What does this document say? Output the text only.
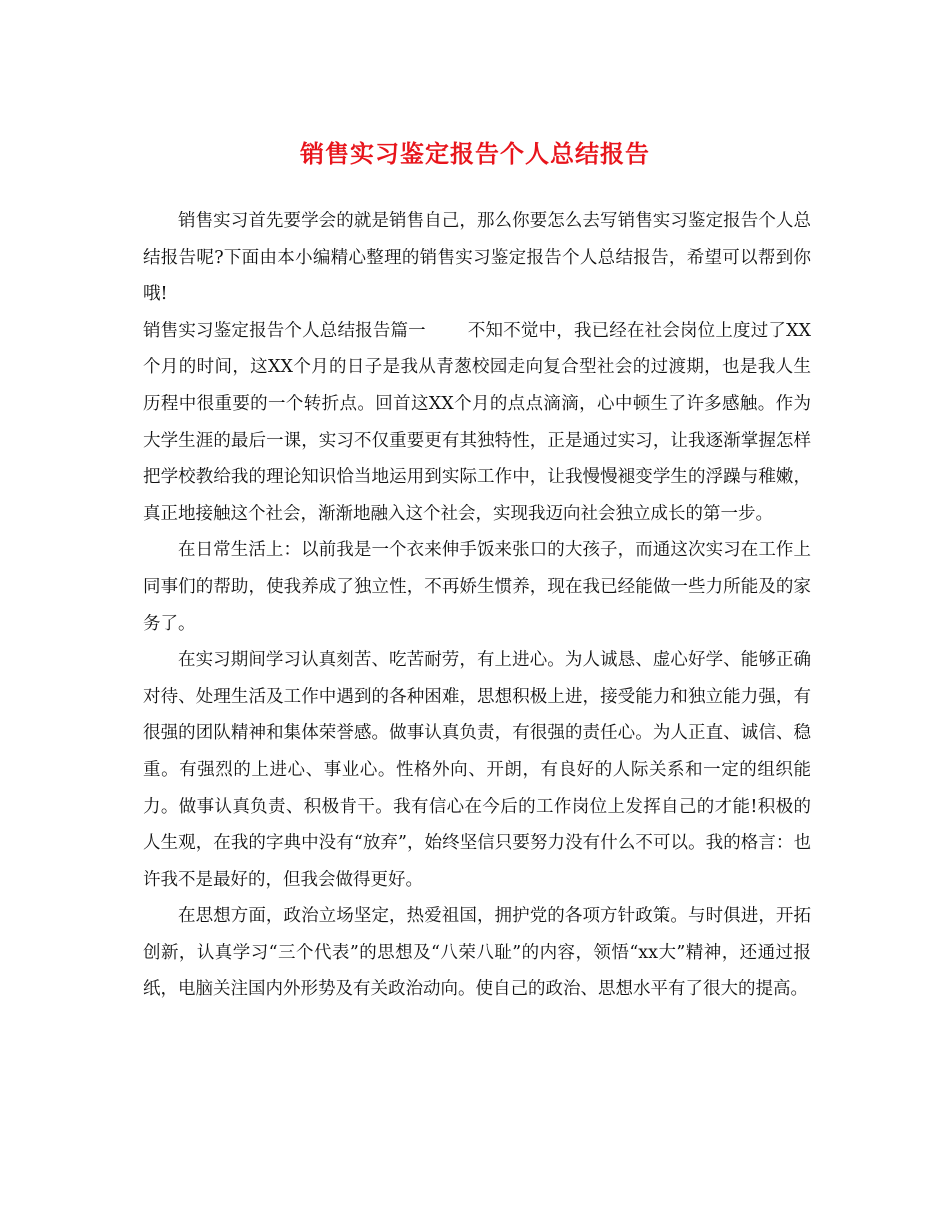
销售实习鉴定报告个人总结报告

销售实习首先要学会的就是销售自己，那么你要怎么去写销售实习鉴定报告个人总结报告呢?下面由本小编精心整理的销售实习鉴定报告个人总结报告，希望可以帮到你哦!

销售实习鉴定报告个人总结报告篇一 不知不觉中，我已经在社会岗位上度过了XX个月的时间，这XX个月的日子是我从青葱校园走向复合型社会的过渡期，也是我人生历程中很重要的一个转折点。回首这XX个月的点点滴滴，心中顿生了许多感触。作为大学生涯的最后一课，实习不仅重要更有其独特性，正是通过实习，让我逐渐掌握怎样把学校教给我的理论知识恰当地运用到实际工作中，让我慢慢褪变学生的浮躁与稚嫩，真正地接触这个社会，渐渐地融入这个社会，实现我迈向社会独立成长的第一步。

在日常生活上：以前我是一个衣来伸手饭来张口的大孩子，而通这次实习在工作上同事们的帮助，使我养成了独立性，不再娇生惯养，现在我已经能做一些力所能及的家务了。

在实习期间学习认真刻苦、吃苦耐劳，有上进心。为人诚恳、虚心好学、能够正确对待、处理生活及工作中遇到的各种困难，思想积极上进，接受能力和独立能力强，有很强的团队精神和集体荣誉感。做事认真负责，有很强的责任心。为人正直、诚信、稳重。有强烈的上进心、事业心。性格外向、开朗，有良好的人际关系和一定的组织能力。做事认真负责、积极肯干。我有信心在今后的工作岗位上发挥自己的才能!积极的人生观，在我的字典中没有“放弃”，始终坚信只要努力没有什么不可以。我的格言：也许我不是最好的，但我会做得更好。

在思想方面，政治立场坚定，热爱祖国，拥护党的各项方针政策。与时俱进，开拓创新，认真学习“三个代表”的思想及“八荣八耻”的内容，领悟“xx大”精神，还通过报纸，电脑关注国内外形势及有关政治动向。使自己的政治、思想水平有了很大的提高。
